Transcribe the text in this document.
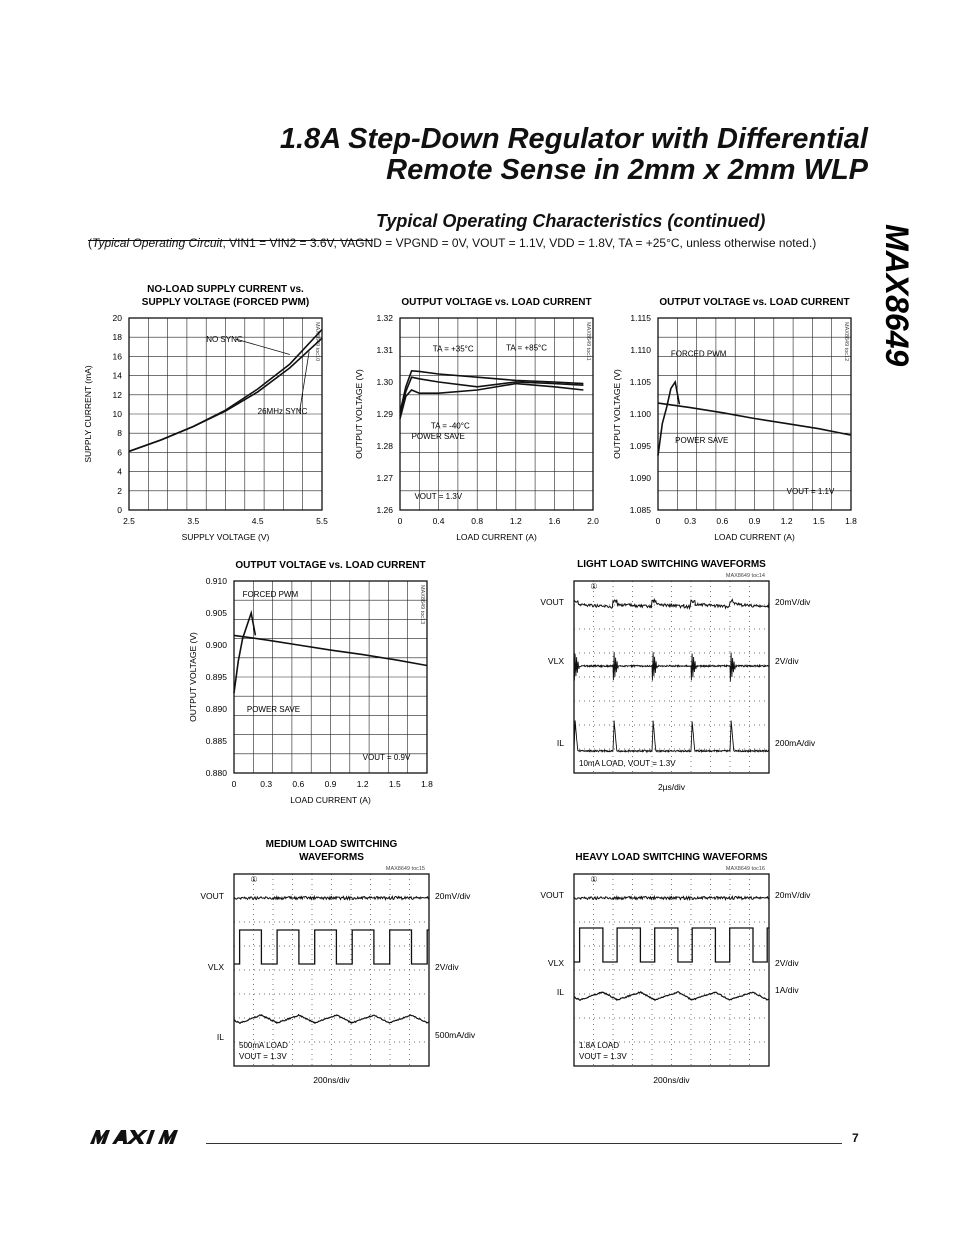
1.8A Step-Down Regulator with Differential
Remote Sense in 2mm x 2mm WLP
MAX8649
Typical Operating Characteristics (continued)
(Typical Operating Circuit, VIN1 = VIN2 = 3.6V, VAGND = VPGND = 0V, VOUT = 1.1V, VDD = 1.8V, TA = +25°C, unless otherwise noted.)
NO-LOAD SUPPLY CURRENT vs.
SUPPLY VOLTAGE (FORCED PWM)
2.5	3.5	4.5	5.5
0
2
4
6
8
10
12
14
16
18
20
SUPPLY VOLTAGE (V)
SUPPLY CURRENT (mA)
MAX8649 toc10
NO SYNC
26MHz SYNC
OUTPUT VOLTAGE vs. LOAD CURRENT
0	0.4	0.8	1.2	1.6	2.0
1.26
1.27
1.28
1.29
1.30
1.31
1.32
LOAD CURRENT (A)
OUTPUT VOLTAGE (V)
MAX8649 toc11
TA = +35°C	TA = +85°C
TA = -40°C
POWER SAVE
VOUT = 1.3V
OUTPUT VOLTAGE vs. LOAD CURRENT
0	0.3 0.6 0.9 1.2 1.5 1.8
1.085
1.090
1.095
1.100
1.105
1.110
1.115
LOAD CURRENT (A)
OUTPUT VOLTAGE (V)
MAX8649 toc12
FORCED PWM
POWER SAVE
VOUT = 1.1V
OUTPUT VOLTAGE vs. LOAD CURRENT
0	0.3 0.6 0.9 1.2 1.5 1.8
0.880
0.885
0.890
0.895
0.900
0.905
0.910
LOAD CURRENT (A)
OUTPUT VOLTAGE (V)
MAX8649 toc13
FORCED PWM
POWER SAVE
VOUT = 0.9V
LIGHT LOAD SWITCHING WAVEFORMS
MAX8649 toc14
①
VOUT	20mV/div
VLX	2V/div
IL	200mA/div
10mA LOAD, VOUT = 1.3V
2µs/div
MEDIUM LOAD SWITCHING
WAVEFORMS
MAX8649 toc15
①
VOUT	20mV/div
VLX	2V/div
IL	500mA/div
500mA LOAD
VOUT = 1.3V
200ns/div
HEAVY LOAD SWITCHING WAVEFORMS
MAX8649 toc16
①
VOUT	20mV/div
VLX	2V/div
IL	1A/div
1.8A LOAD
VOUT = 1.3V
200ns/div
MAXIM	7
